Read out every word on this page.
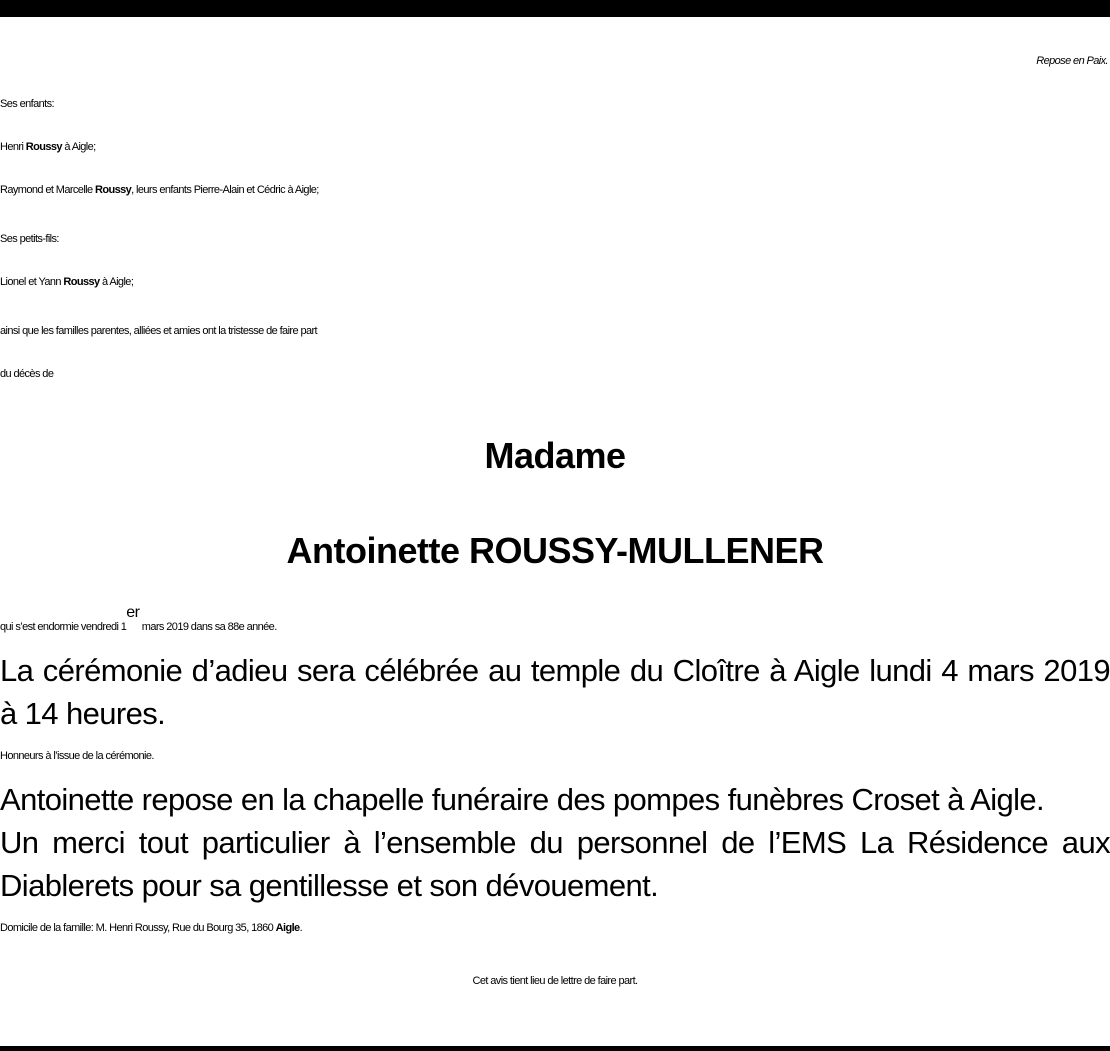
Repose en Paix.

Ses enfants:

Henri Roussy à Aigle;

Raymond et Marcelle Roussy, leurs enfants Pierre-Alain et Cédric à Aigle;

Ses petits-fils:

Lionel et Yann Roussy à Aigle;

ainsi que les familles parentes, alliées et amies ont la tristesse de faire part

du décès de

Madame
Antoinette ROUSSY-MULLENER

qui s’est endormie vendredi 1er mars 2019 dans sa 88e année.

La cérémonie d’adieu sera célébrée au temple du Cloître à Aigle lundi 4 mars 2019 à 14 heures.

Honneurs à l’issue de la cérémonie.

Antoinette repose en la chapelle funéraire des pompes funèbres Croset à Aigle.

Un merci tout particulier à l’ensemble du personnel de l’EMS La Résidence aux Diablerets pour sa gentillesse et son dévouement.

Domicile de la famille: M. Henri Roussy, Rue du Bourg 35, 1860 Aigle.

Cet avis tient lieu de lettre de faire part.
